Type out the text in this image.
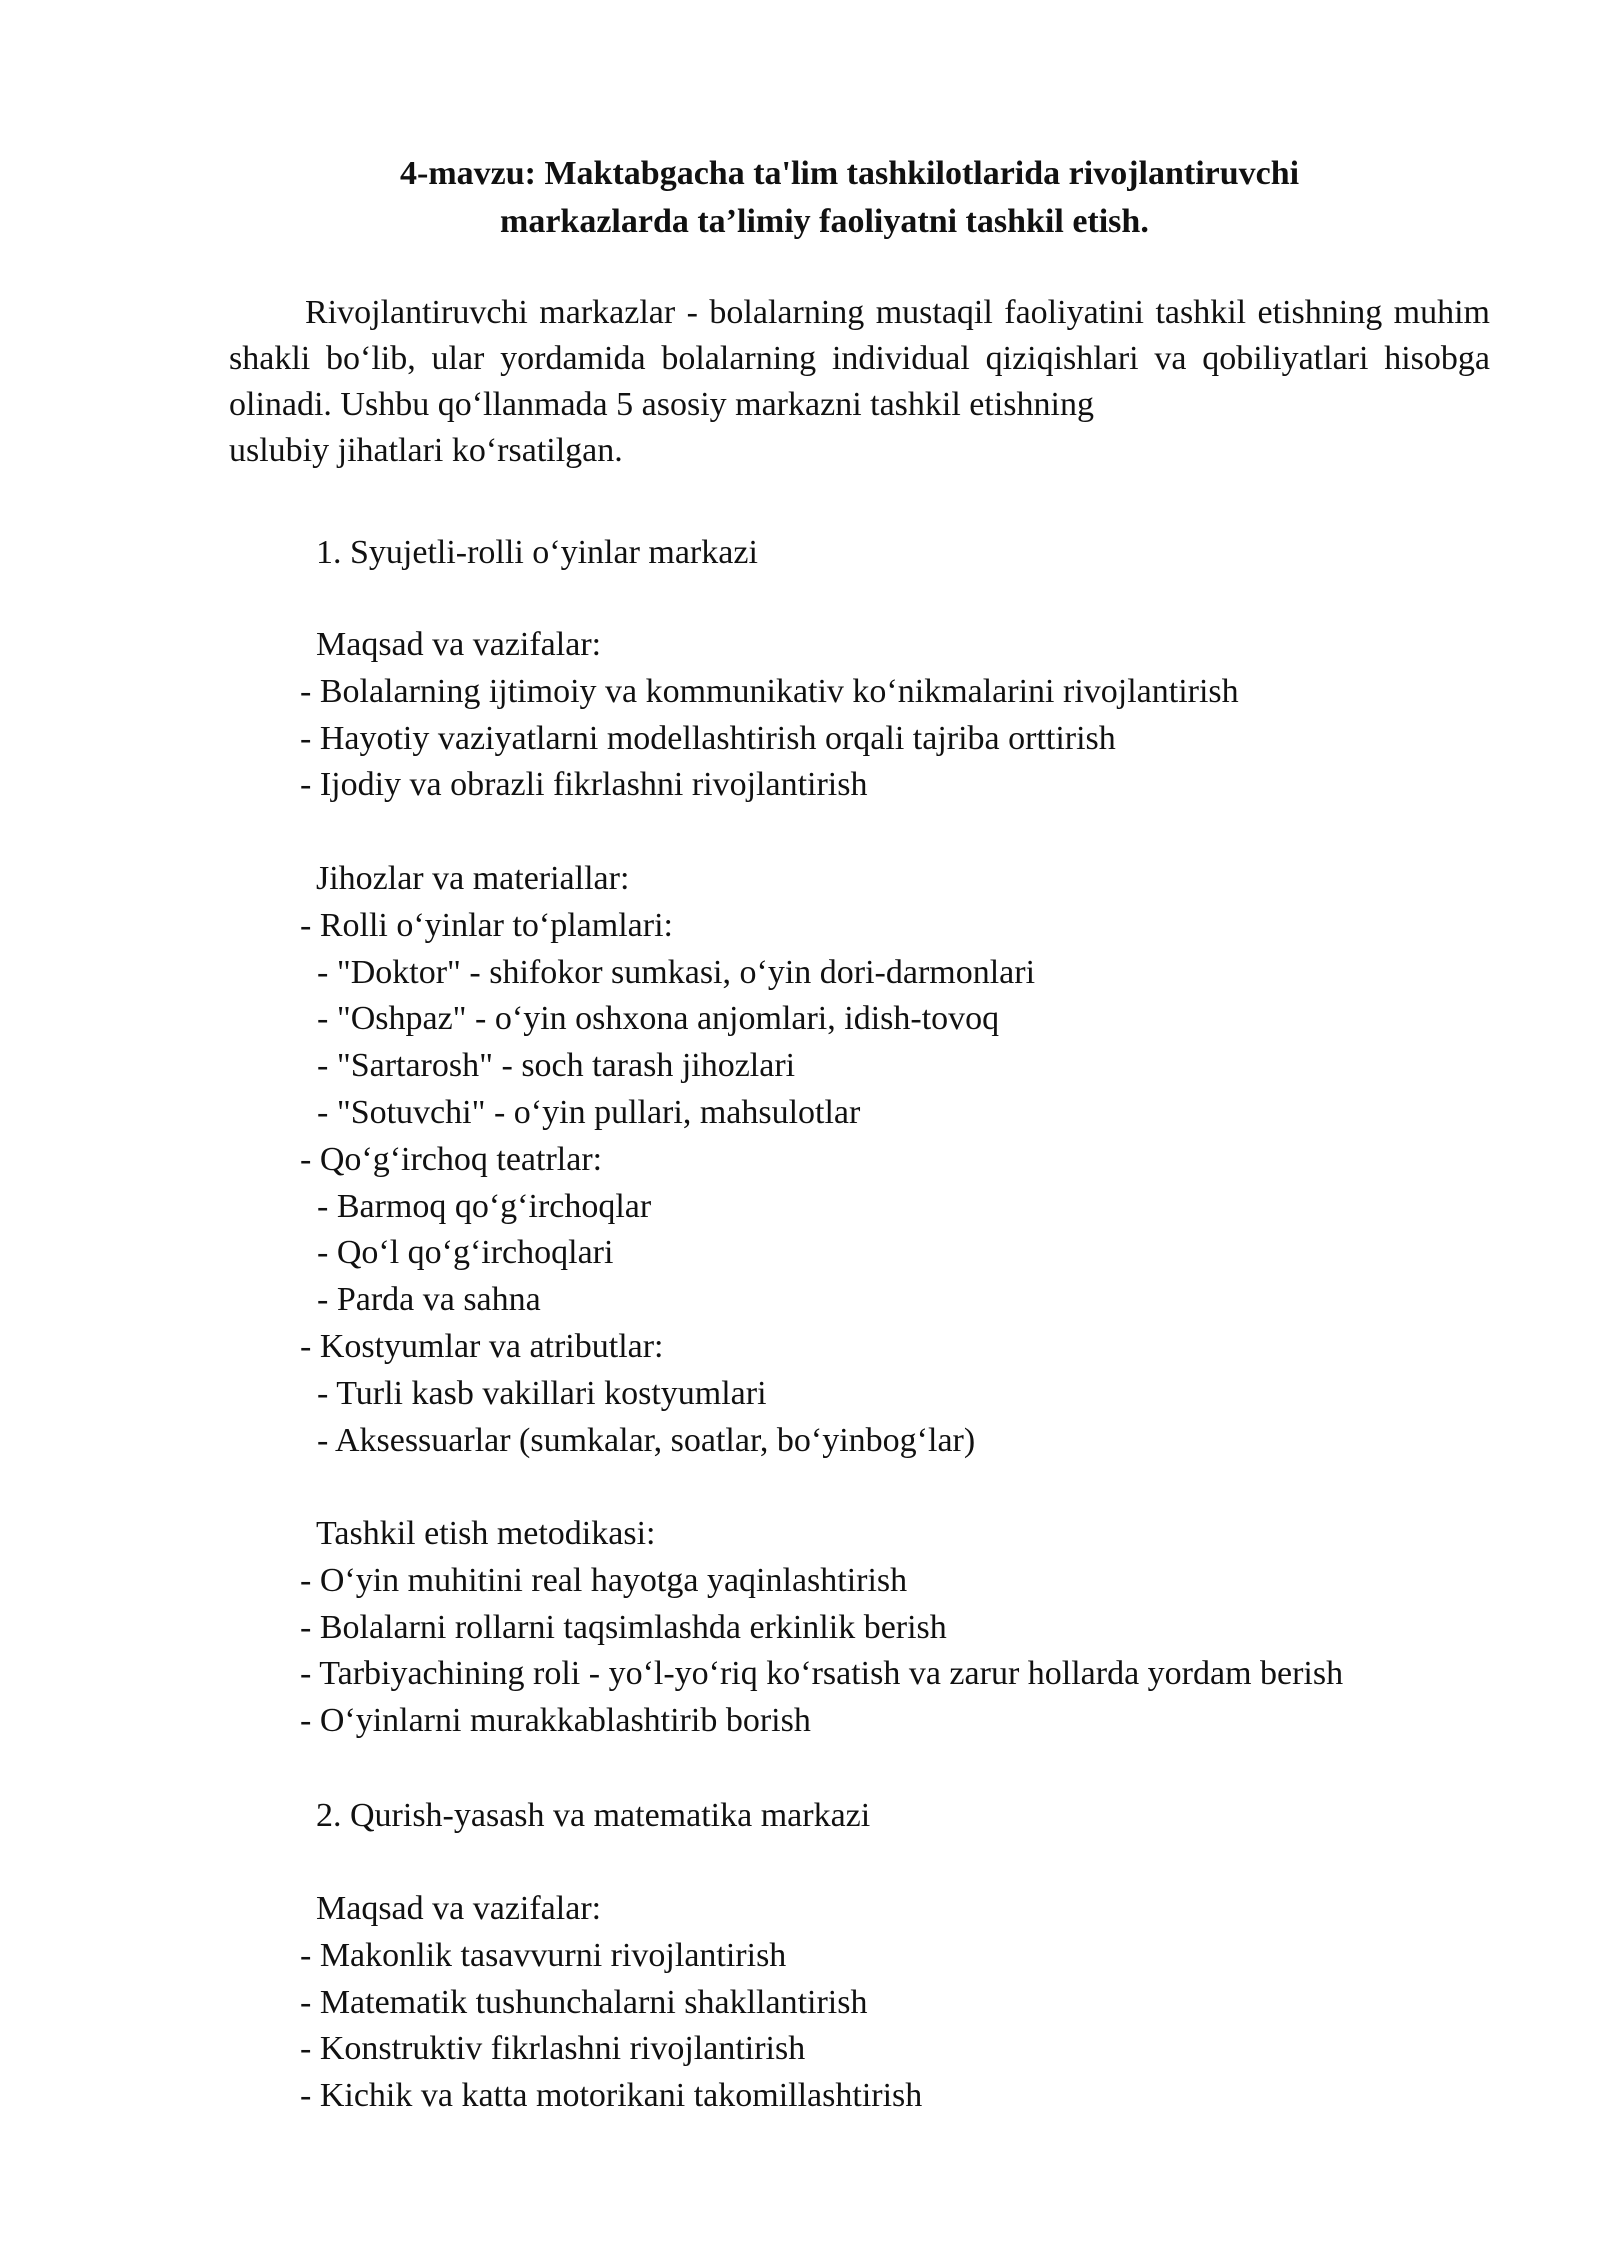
4-mavzu: Maktabgacha ta'lim tashkilotlarida rivojlantiruvchi
markazlarda ta’limiy faoliyatni tashkil etish.

Rivojlantiruvchi markazlar - bolalarning mustaqil faoliyatini tashkil etishning muhim shakli bo‘lib, ular yordamida bolalarning individual qiziqishlari va qobiliyatlari hisobga olinadi. Ushbu qo‘llanmada 5 asosiy markazni tashkil etishning

uslubiy jihatlari ko‘rsatilgan.
1. Syujetli-rolli o‘yinlar markazi
Maqsad va vazifalar:
- Bolalarning ijtimoiy va kommunikativ ko‘nikmalarini rivojlantirish
- Hayotiy vaziyatlarni modellashtirish orqali tajriba orttirish
- Ijodiy va obrazli fikrlashni rivojlantirish
Jihozlar va materiallar:
- Rolli o‘yinlar to‘plamlari:
- "Doktor" - shifokor sumkasi, o‘yin dori-darmonlari
- "Oshpaz" - o‘yin oshxona anjomlari, idish-tovoq
- "Sartarosh" - soch tarash jihozlari
- "Sotuvchi" - o‘yin pullari, mahsulotlar
- Qo‘g‘irchoq teatrlar:
- Barmoq qo‘g‘irchoqlar
- Qo‘l qo‘g‘irchoqlari
- Parda va sahna
- Kostyumlar va atributlar:
- Turli kasb vakillari kostyumlari
- Aksessuarlar (sumkalar, soatlar, bo‘yinbog‘lar)
Tashkil etish metodikasi:
- O‘yin muhitini real hayotga yaqinlashtirish
- Bolalarni rollarni taqsimlashda erkinlik berish
- Tarbiyachining roli - yo‘l-yo‘riq ko‘rsatish va zarur hollarda yordam berish
- O‘yinlarni murakkablashtirib borish
2. Qurish-yasash va matematika markazi
Maqsad va vazifalar:
- Makonlik tasavvurni rivojlantirish
- Matematik tushunchalarni shakllantirish
- Konstruktiv fikrlashni rivojlantirish
- Kichik va katta motorikani takomillashtirish
